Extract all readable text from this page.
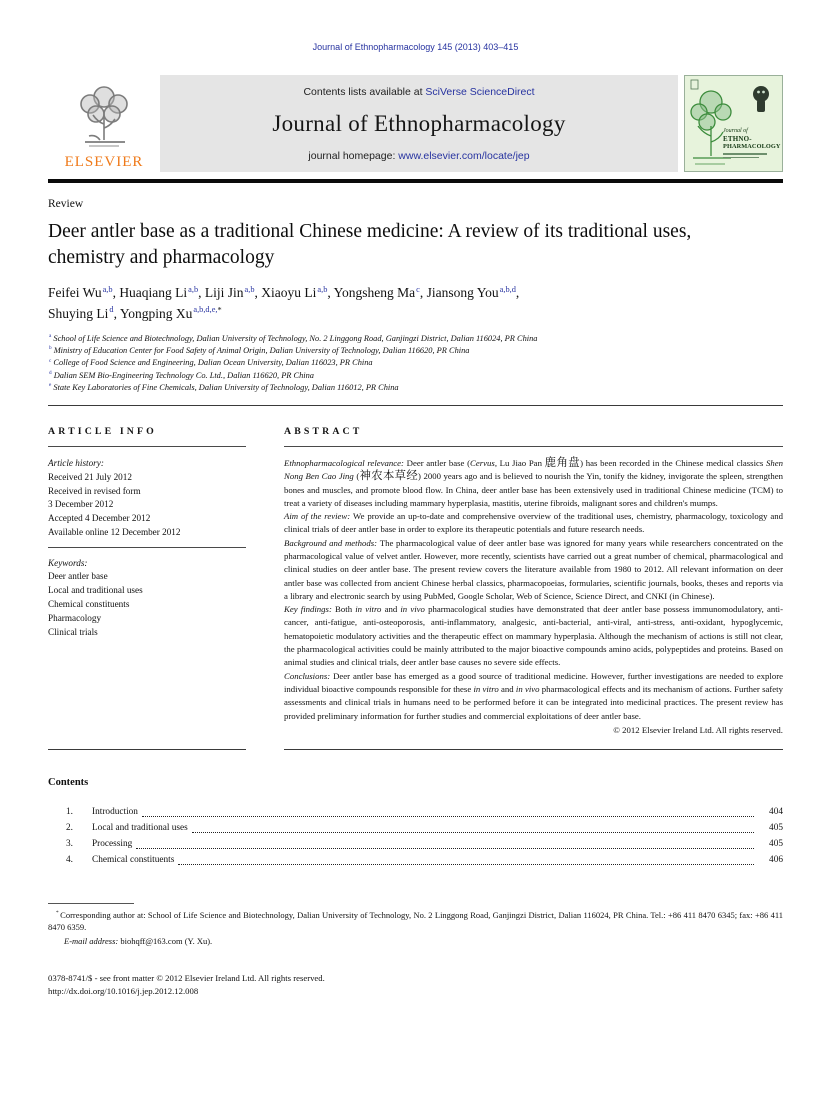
Journal of Ethnopharmacology 145 (2013) 403–415
ELSEVIER
Contents lists available at SciVerse ScienceDirect
Journal of Ethnopharmacology
journal homepage: www.elsevier.com/locate/jep
Journal of
ETHNO-
PHARMACOLOGY
Review
Deer antler base as a traditional Chinese medicine: A review of its traditional uses, chemistry and pharmacology
Feifei Wu$^{a,b}$, Huaqiang Li$^{a,b}$, Liji Jin$^{a,b}$, Xiaoyu Li$^{a,b}$, Yongsheng Ma$^c$, Jiansong You$^{a,b,d}$,
Shuying Li$^d$, Yongping $Xu^{a,b,d,e,*}$
$^a$ School of Life Science and Biotechnology, Dalian University of Technology, No. 2 Linggong Road, Ganjingzi District, Dalian 116024, PR China
$^b$ Ministry of Education Center for Food Safety of Animal Origin, Dalian University of Technology, Dalian 116620, PR China
$^c$ College of Food Science and Engineering, Dalian Ocean University, Dalian 116023, PR China
$^d$ Dalian SEM Bio-Engineering Technology Co. Ltd., Dalian 116620, PR China
$^e$ State Key Laboratories of Fine Chemicals, Dalian University of Technology, Dalian 116012, PR China
ARTICLE INFO
Article history:
Received 21 July 2012
Received in revised form
3 December 2012
Accepted 4 December 2012
Available online 12 December 2012
Keywords:
Deer antler base
Local and traditional uses
Chemical constituents
Pharmacology
Clinical trials
ABSTRACT

Ethnopharmacological relevance: Deer antler base (Cervus, Lu Jiao Pan 鹿角盘) has been recorded in the Chinese medical classics Shen Nong Ben Cao Jing (神农本草经) 2000 years ago and is believed to nourish the Yin, tonify the kidney, invigorate the spleen, strengthen bones and muscles, and promote blood flow. In China, deer antler base has been extensively used in traditional Chinese medicine (TCM) to treat a variety of diseases including mammary hyperplasia, mastitis, uterine fibroids, malignant sores and children's mumps.

Aim of the review: We provide an up-to-date and comprehensive overview of the traditional uses, chemistry, pharmacology, toxicology and clinical trials of deer antler base in order to explore its therapeutic potentials and future research needs.

Background and methods: The pharmacological value of deer antler base was ignored for many years while researchers concentrated on the pharmacological value of velvet antler. However, more recently, scientists have carried out a great number of chemical, pharmacological and clinical studies on deer antler base. The present review covers the literature available from 1980 to 2012. All relevant information on deer antler base was collected from ancient Chinese herbal classics, pharmacopoeias, formularies, scientific journals, books, theses and reports via a library and electronic search by using PubMed, Google Scholar, Web of Science, Science Direct, and CNKI (in Chinese).

Key findings: Both in vitro and in vivo pharmacological studies have demonstrated that deer antler base possess immunomodulatory, anti-cancer, anti-fatigue, anti-osteoporosis, anti-inflammatory, analgesic, anti-bacterial, anti-viral, anti-stress, anti-oxidant, hypoglycemic, hematopoietic modulatory activities and the therapeutic effect on mammary hyperplasia. Although the mechanism of actions is still not clear, the pharmacological activities could be mainly attributed to the major bioactive compounds amino acids, polypeptides and proteins. Based on animal studies and clinical trials, deer antler base causes no severe side effects.

Conclusions: Deer antler base has emerged as a good source of traditional medicine. However, further investigations are needed to explore individual bioactive compounds responsible for these in vitro and in vivo pharmacological effects and its mechanism of actions. Further safety assessments and clinical trials in humans need to be performed before it can be integrated into medicinal practices. The present review has provided preliminary information for further studies and commercial exploitations of deer antler base.

© 2012 Elsevier Ireland Ltd. All rights reserved.
Contents
1.	Introduction	404
2.	Local and traditional uses	405
3.	Processing	405
4.	Chemical constituents	406
* Corresponding author at: School of Life Science and Biotechnology, Dalian University of Technology, No. 2 Linggong Road, Ganjingzi District, Dalian 116024, PR China. Tel.: +86 411 8470 6345; fax: +86 411 8470 6359.
E-mail address: biohqff@163.com (Y. Xu).
0378-8741/$ - see front matter © 2012 Elsevier Ireland Ltd. All rights reserved.
http://dx.doi.org/10.1016/j.jep.2012.12.008
